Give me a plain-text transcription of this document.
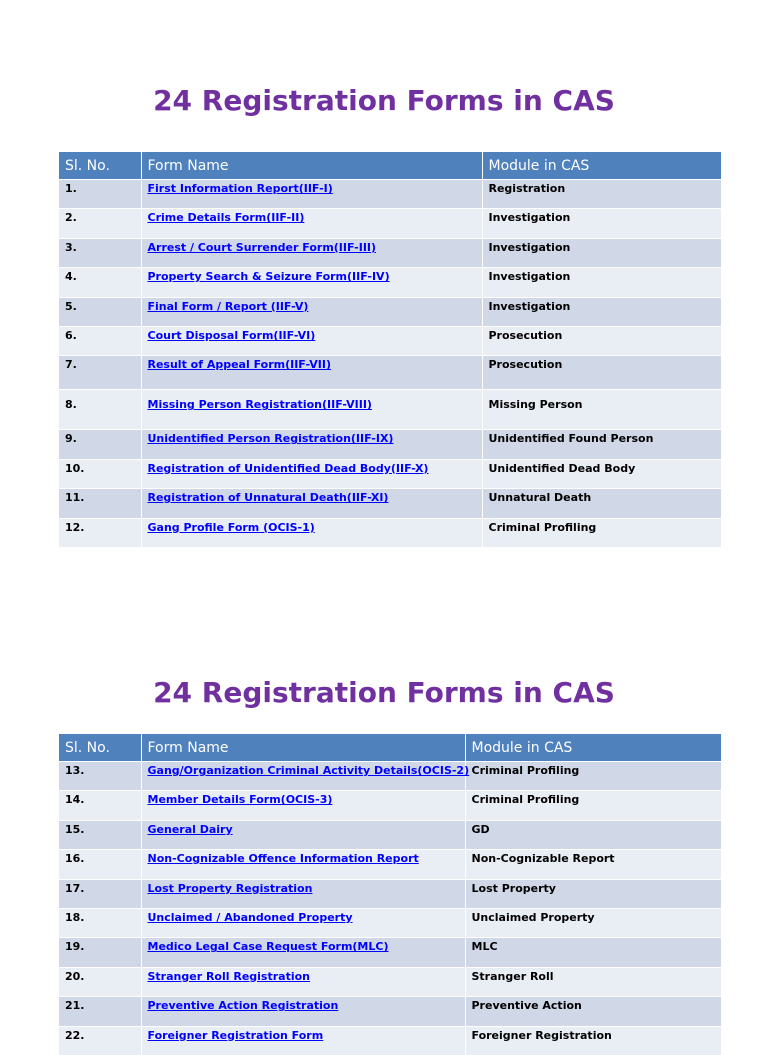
24 Registration Forms in CAS
Sl. No.	Form Name	Module in CAS
1.	First Information Report(IIF-I)	Registration
2.	Crime Details Form(IIF-II)	Investigation
3.	Arrest / Court Surrender Form(IIF-III)	Investigation
4.	Property Search & Seizure Form(IIF-IV)	Investigation
5.	Final Form / Report (IIF-V)	Investigation
6.	Court Disposal Form(IIF-VI)	Prosecution
7.	Result of Appeal Form(IIF-VII)	Prosecution
8.	Missing Person Registration(IIF-VIII)	Missing Person
9.	Unidentified Person Registration(IIF-IX)	Unidentified Found Person
10.	Registration of Unidentified Dead Body(IIF-X)	Unidentified Dead Body
11.	Registration of Unnatural Death(IIF-XI)	Unnatural Death
12.	Gang Profile Form (OCIS-1)	Criminal Profiling
24 Registration Forms in CAS
Sl. No.	Form Name	Module in CAS
13.	Gang/Organization Criminal Activity Details(OCIS-2)	Criminal Profiling
14.	Member Details Form(OCIS-3)	Criminal Profiling
15.	General Dairy	GD
16.	Non-Cognizable Offence Information Report	Non-Cognizable Report
17.	Lost Property Registration	Lost Property
18.	Unclaimed / Abandoned Property	Unclaimed Property
19.	Medico Legal Case Request Form(MLC)	MLC
20.	Stranger Roll Registration	Stranger Roll
21.	Preventive Action Registration	Preventive Action
22.	Foreigner Registration Form	Foreigner Registration
